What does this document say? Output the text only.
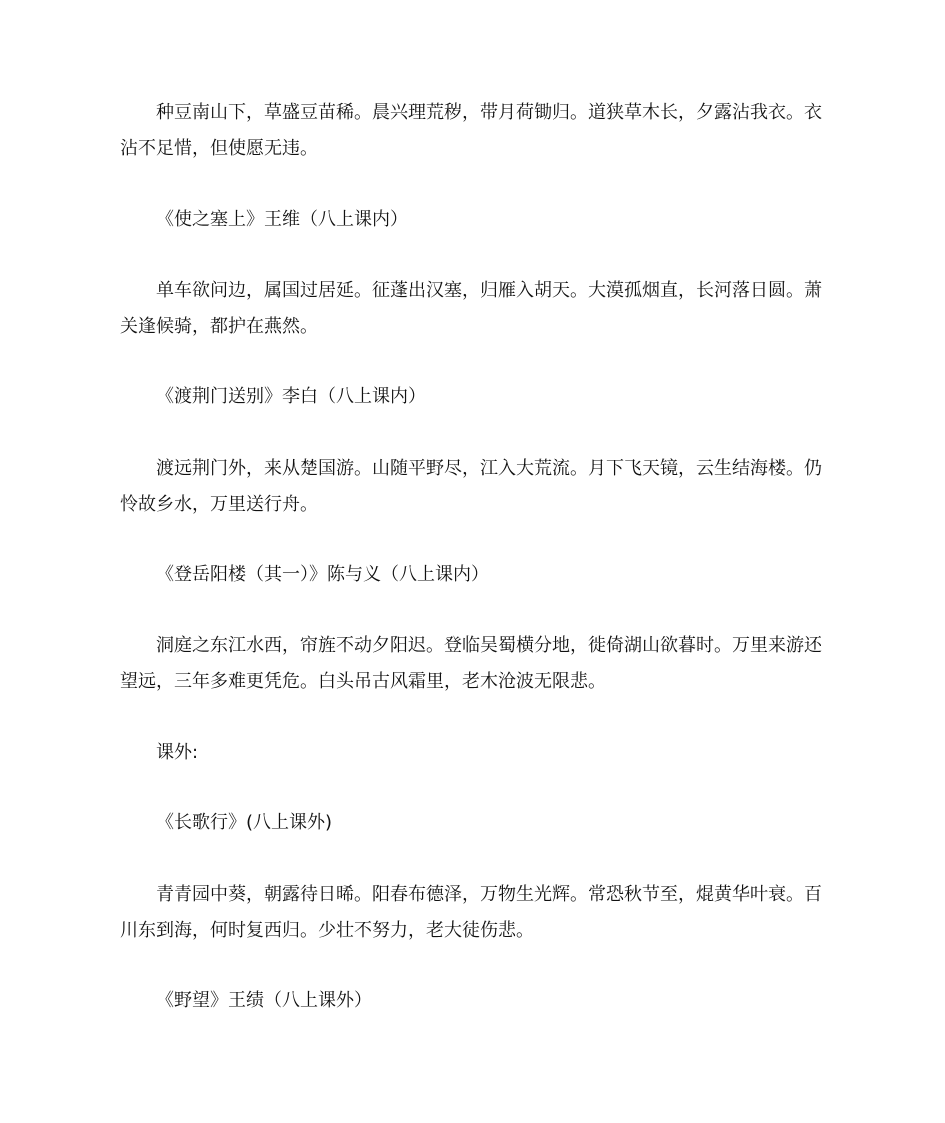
种豆南山下，草盛豆苗稀。晨兴理荒秽，带月荷锄归。道狭草木长，夕露沾我衣。衣沾不足惜，但使愿无违。

《使之塞上》王维（八上课内）

单车欲问边，属国过居延。征蓬出汉塞，归雁入胡天。大漠孤烟直，长河落日圆。萧关逢候骑，都护在燕然。

《渡荆门送别》李白（八上课内）

渡远荆门外，来从楚国游。山随平野尽，江入大荒流。月下飞天镜，云生结海楼。仍怜故乡水，万里送行舟。

《登岳阳楼（其一）》陈与义（八上课内）

洞庭之东江水西，帘旌不动夕阳迟。登临吴蜀横分地，徙倚湖山欲暮时。万里来游还望远，三年多难更凭危。白头吊古风霜里，老木沧波无限悲。

课外:

《长歌行》(八上课外)

青青园中葵，朝露待日晞。阳春布德泽，万物生光辉。常恐秋节至，焜黄华叶衰。百川东到海，何时复西归。少壮不努力，老大徒伤悲。

《野望》王绩（八上课外）
